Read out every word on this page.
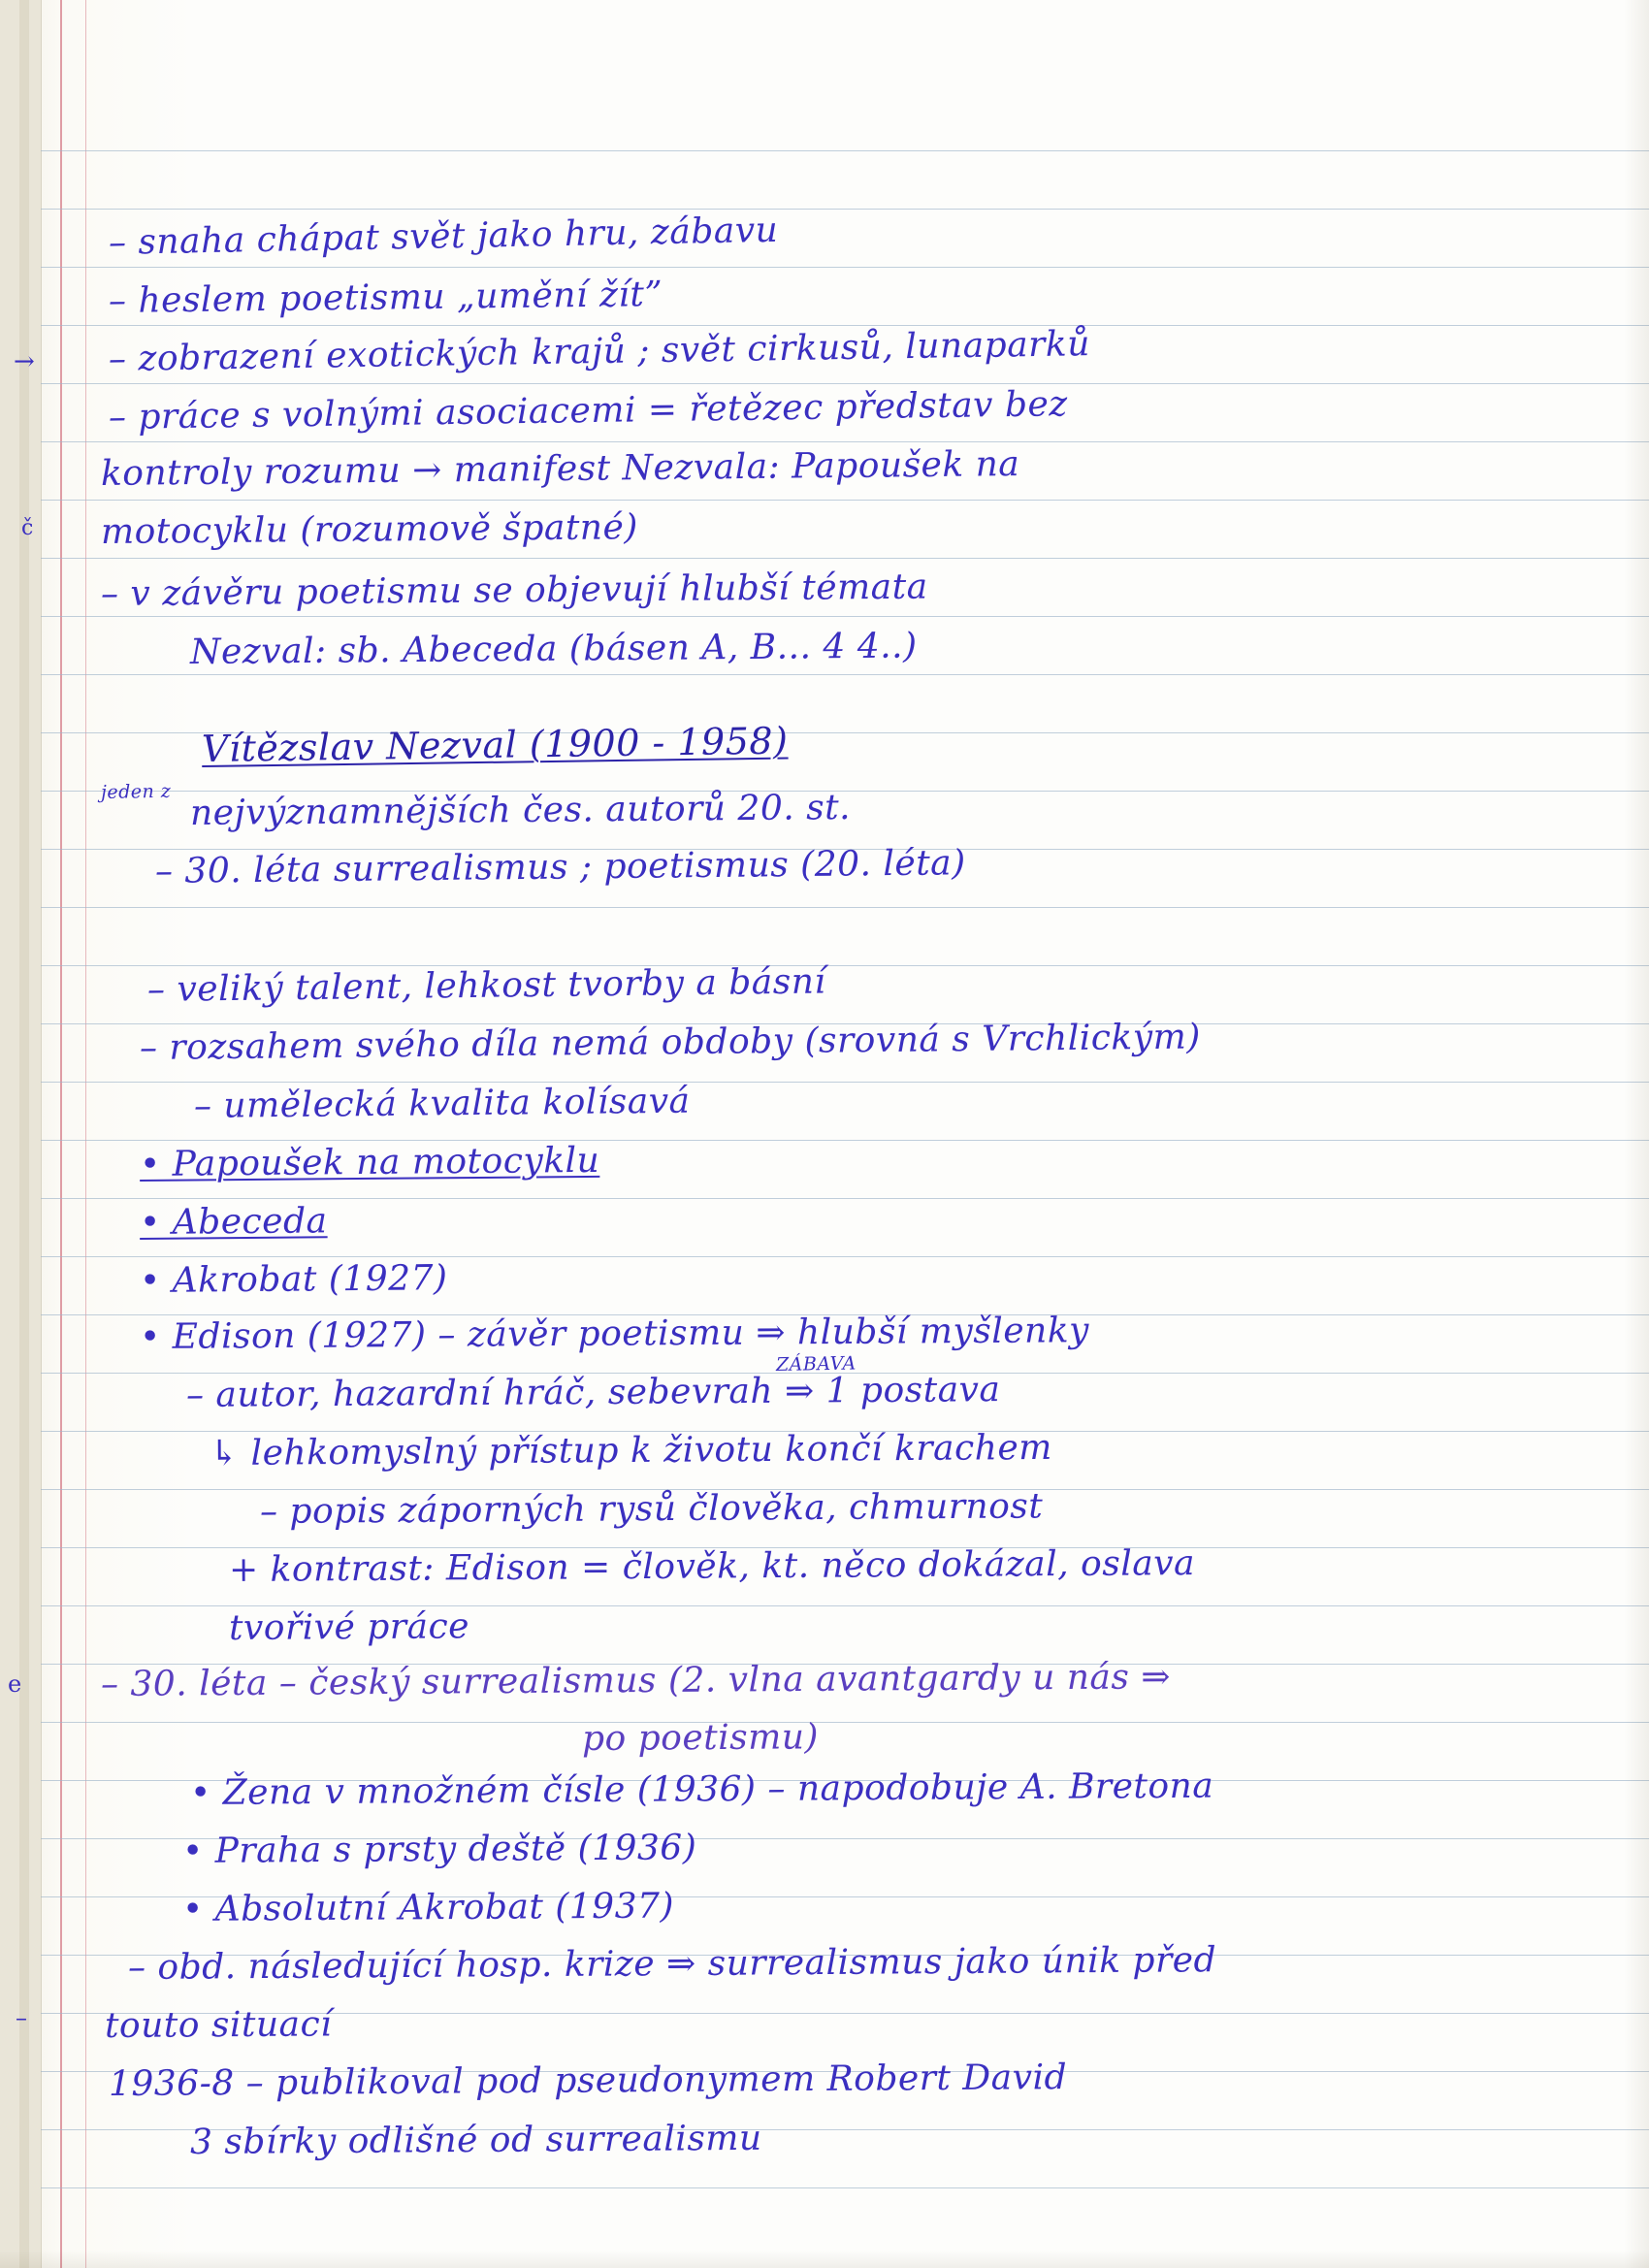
→
č
e
–
– snaha chápat svět jako hru, zábavu
– heslem poetismu „umění žít”
– zobrazení exotických krajů ; svět cirkusů, lunaparků
– práce s volnými asociacemi = řetězec představ bez
kontroly rozumu → manifest Nezvala: Papoušek na
motocyklu (rozumově špatné)
– v závěru poetismu se objevují hlubší témata
Nezval: sb. Abeceda (básen A, B... 4 4..)
Vítězslav Nezval (1900 - 1958)
jeden z nejvýznamnějších čes. autorů 20. st.
– 30. léta surrealismus ; poetismus (20. léta)
– veliký talent, lehkost tvorby a básní
– rozsahem svého díla nemá obdoby (srovná s Vrchlickým)
– umělecká kvalita kolísavá
• Papoušek na motocyklu
• Abeceda
• Akrobat (1927)
• Edison (1927) – závěr poetismu ⇒ hlubší myšlenky
– autor, hazardní hráč, sebevrah ⇒ 1 postava
ZÁBAVA
↳ lehkomyslný přístup k životu končí krachem
– popis záporných rysů člověka, chmurnost
+ kontrast: Edison = člověk, kt. něco dokázal, oslava
tvořivé práce
– 30. léta – český surrealismus (2. vlna avantgardy u nás ⇒
po poetismu)
• Žena v množném čísle (1936) – napodobuje A. Bretona
• Praha s prsty deště (1936)
• Absolutní Akrobat (1937)
– obd. následující hosp. krize ⇒ surrealismus jako únik před
touto situací
1936-8 – publikoval pod pseudonymem Robert David
3 sbírky odlišné od surrealismu
